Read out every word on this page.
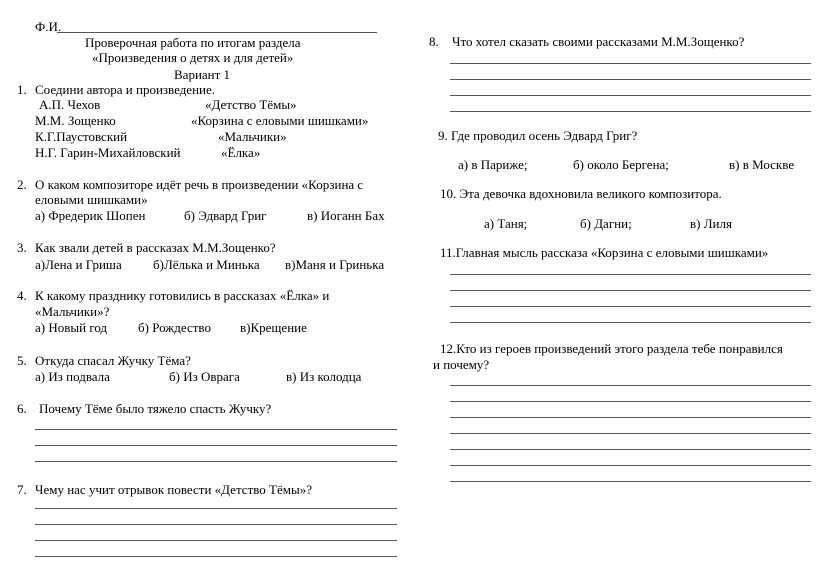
Ф.И.
Проверочная работа по итогам раздела
«Произведения о детях и для детей»
Вариант 1
1. Соедини автора и произведение.
А.П. Чехов	«Детство Тёмы»
М.М. Зощенко	«Корзина с еловыми шишками»
К.Г.Паустовский	«Мальчики»
Н.Г. Гарин-Михайловский	«Ёлка»
2. О каком композиторе идёт речь в произведении «Корзина с
еловыми шишками»
а) Фредерик Шопен	б) Эдвард Григ	в) Иоганн Бах
3. Как звали детей в рассказах М.М.Зощенко?
а)Лена и Гриша б)Лёлька и Минька в)Маня и Гринька
4. К какому празднику готовились в рассказах «Ёлка» и
«Мальчики»?
а) Новый год б) Рождество в)Крещение
5. Откуда спасал Жучку Тёма?
а) Из подвала	б) Из Оврага	в) Из колодца
6. Почему Тёме было тяжело спасть Жучку?
7. Чему нас учит отрывок повести «Детство Тёмы»?
8. Что хотел сказать своими рассказами М.М.Зощенко?
9. Где проводил осень Эдвард Григ?
а) в Париже;	б) около Бергена;	в) в Москве
10. Эта девочка вдохновила великого композитора.
а) Таня;	б) Дагни;	в) Лиля
11.Главная мысль рассказа «Корзина с еловыми шишками»
12.Кто из героев произведений этого раздела тебе понравился
и почему?
